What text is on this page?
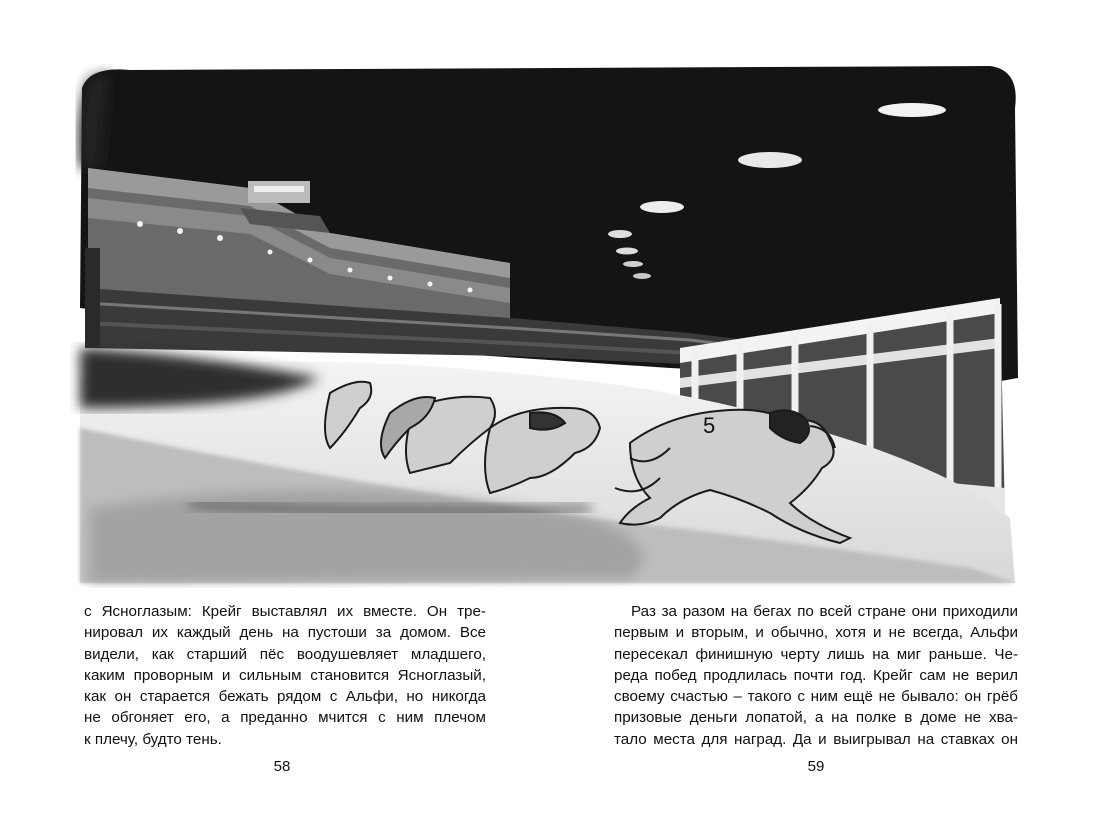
5
с Ясноглазым: Крейг выставлял их вместе. Он тре-
нировал их каждый день на пустоши за домом. Все
видели, как старший пёс воодушевляет младшего,
каким проворным и сильным становится Ясноглазый,
как он старается бежать рядом с Альфи, но никогда
не обгоняет его, а преданно мчится с ним плечом
к плечу, будто тень.
Раз за разом на бегах по всей стране они приходили
первым и вторым, и обычно, хотя и не всегда, Альфи
пересекал финишную черту лишь на миг раньше. Че-
реда побед продлилась почти год. Крейг сам не верил
своему счастью – такого с ним ещё не бывало: он грёб
призовые деньги лопатой, а на полке в доме не хва-
тало места для наград. Да и выигрывал на ставках он
58	59
